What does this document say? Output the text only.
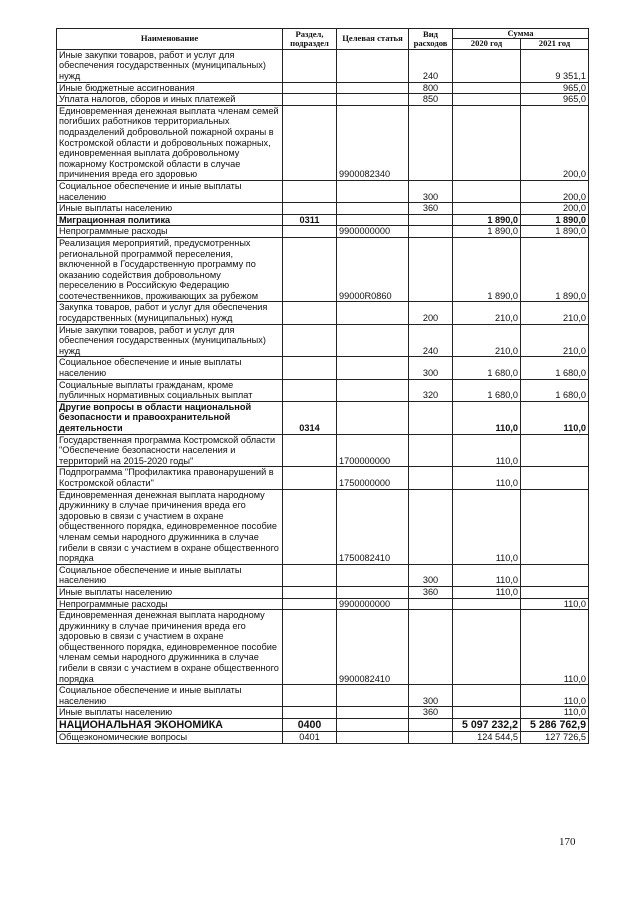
Наименование	Раздел, подраздел	Целевая статья	Вид расходов	Сумма	
				2020 год	2021 год
Иные закупки товаров, работ и услуг для обеспечения государственных (муниципальных) нужд			240		9 351,1
Иные бюджетные ассигнования			800		965,0
Уплата налогов, сборов и иных платежей			850		965,0
Единовременная денежная выплата членам семей погибших работников территориальных подразделений добровольной пожарной охраны в Костромской области и добровольных пожарных, единовременная выплата добровольному пожарному Костромской области в случае причинения вреда его здоровью		9900082340			200,0
Социальное обеспечение и иные выплаты населению			300		200,0
Иные выплаты населению			360		200,0
Миграционная политика	0311			1 890,0	1 890,0
Непрограммные расходы		9900000000		1 890,0	1 890,0
Реализация мероприятий, предусмотренных региональной программой переселения, включенной в Государственную программу по оказанию содействия добровольному переселению в Российскую Федерацию соотечественников, проживающих за рубежом		99000R0860		1 890,0	1 890,0
Закупка товаров, работ и услуг для обеспечения государственных (муниципальных) нужд			200	210,0	210,0
Иные закупки товаров, работ и услуг для обеспечения государственных (муниципальных) нужд			240	210,0	210,0
Социальное обеспечение и иные выплаты населению			300	1 680,0	1 680,0
Социальные выплаты гражданам, кроме публичных нормативных социальных выплат			320	1 680,0	1 680,0
Другие вопросы в области национальной безопасности и правоохранительной деятельности	0314			110,0	110,0
Государственная программа Костромской области "Обеспечение безопасности населения и территорий на 2015-2020 годы"		1700000000		110,0	
Подпрограмма "Профилактика правонарушений в Костромской области"		1750000000		110,0	
Единовременная денежная выплата народному дружиннику в случае причинения вреда его здоровью в связи с участием в охране общественного порядка, единовременное пособие членам семьи народного дружинника в случае гибели в связи с участием в охране общественного порядка		1750082410		110,0	
Социальное обеспечение и иные выплаты населению			300	110,0	
Иные выплаты населению			360	110,0	
Непрограммные расходы		9900000000			110,0
Единовременная денежная выплата народному дружиннику в случае причинения вреда его здоровью в связи с участием в охране общественного порядка, единовременное пособие членам семьи народного дружинника в случае гибели в связи с участием в охране общественного порядка		9900082410			110,0
Социальное обеспечение и иные выплаты населению			300		110,0
Иные выплаты населению			360		110,0
НАЦИОНАЛЬНАЯ ЭКОНОМИКА	0400			5 097 232,2	5 286 762,9
Общеэкономические вопросы	0401			124 544,5	127 726,5
170
